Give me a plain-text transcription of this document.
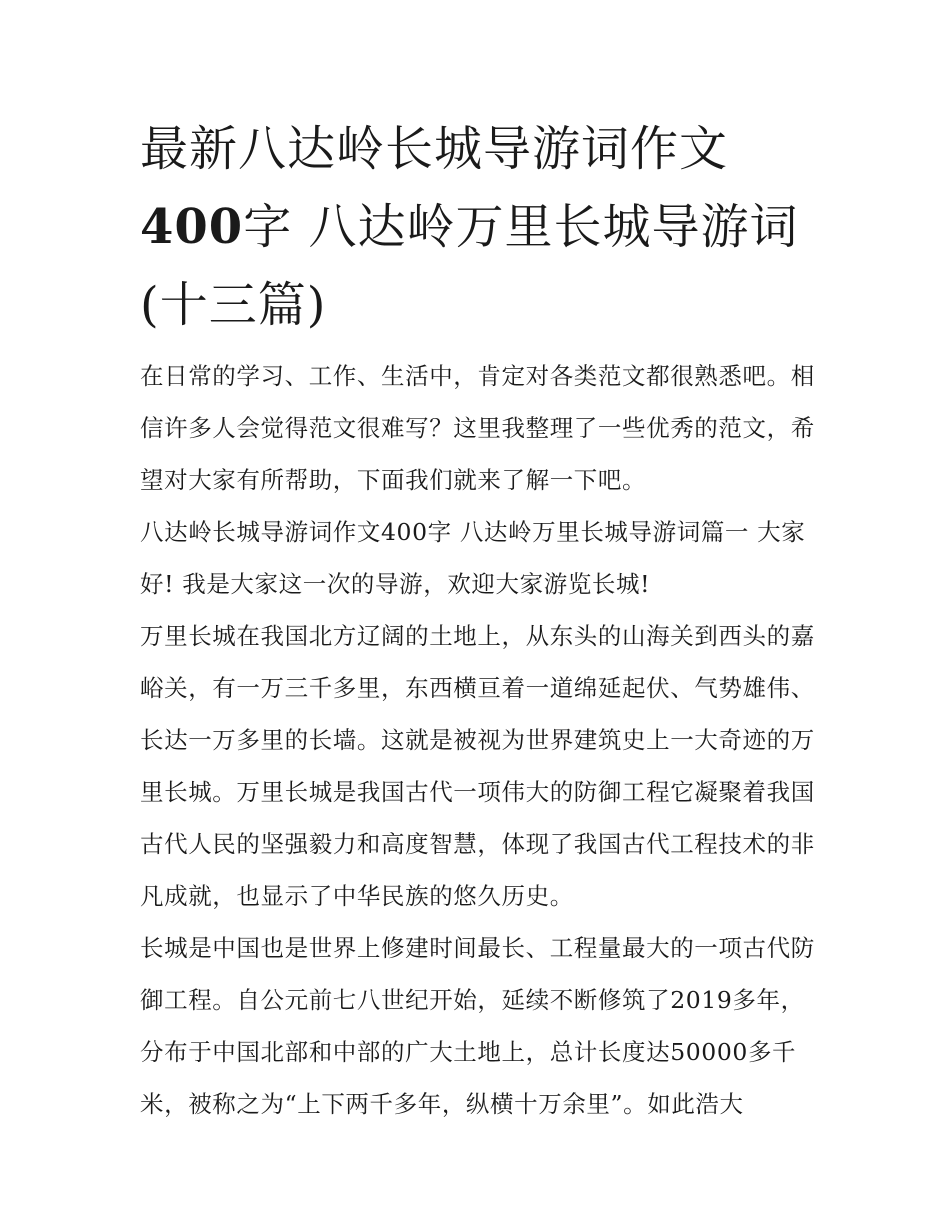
最新八达岭长城导游词作文400字 八达岭万里长城导游词(十三篇)

在日常的学习、工作、生活中，肯定对各类范文都很熟悉吧。相信许多人会觉得范文很难写？这里我整理了一些优秀的范文，希望对大家有所帮助，下面我们就来了解一下吧。

八达岭长城导游词作文400字 八达岭万里长城导游词篇一 大家好! 我是大家这一次的导游，欢迎大家游览长城!

万里长城在我国北方辽阔的土地上，从东头的山海关到西头的嘉峪关，有一万三千多里，东西横亘着一道绵延起伏、气势雄伟、长达一万多里的长墙。这就是被视为世界建筑史上一大奇迹的万里长城。万里长城是我国古代一项伟大的防御工程它凝聚着我国古代人民的坚强毅力和高度智慧，体现了我国古代工程技术的非凡成就，也显示了中华民族的悠久历史。

长城是中国也是世界上修建时间最长、工程量最大的一项古代防御工程。自公元前七八世纪开始，延续不断修筑了2019多年，分布于中国北部和中部的广大土地上，总计长度达50000多千米，被称之为“上下两千多年，纵横十万余里”。如此浩大
